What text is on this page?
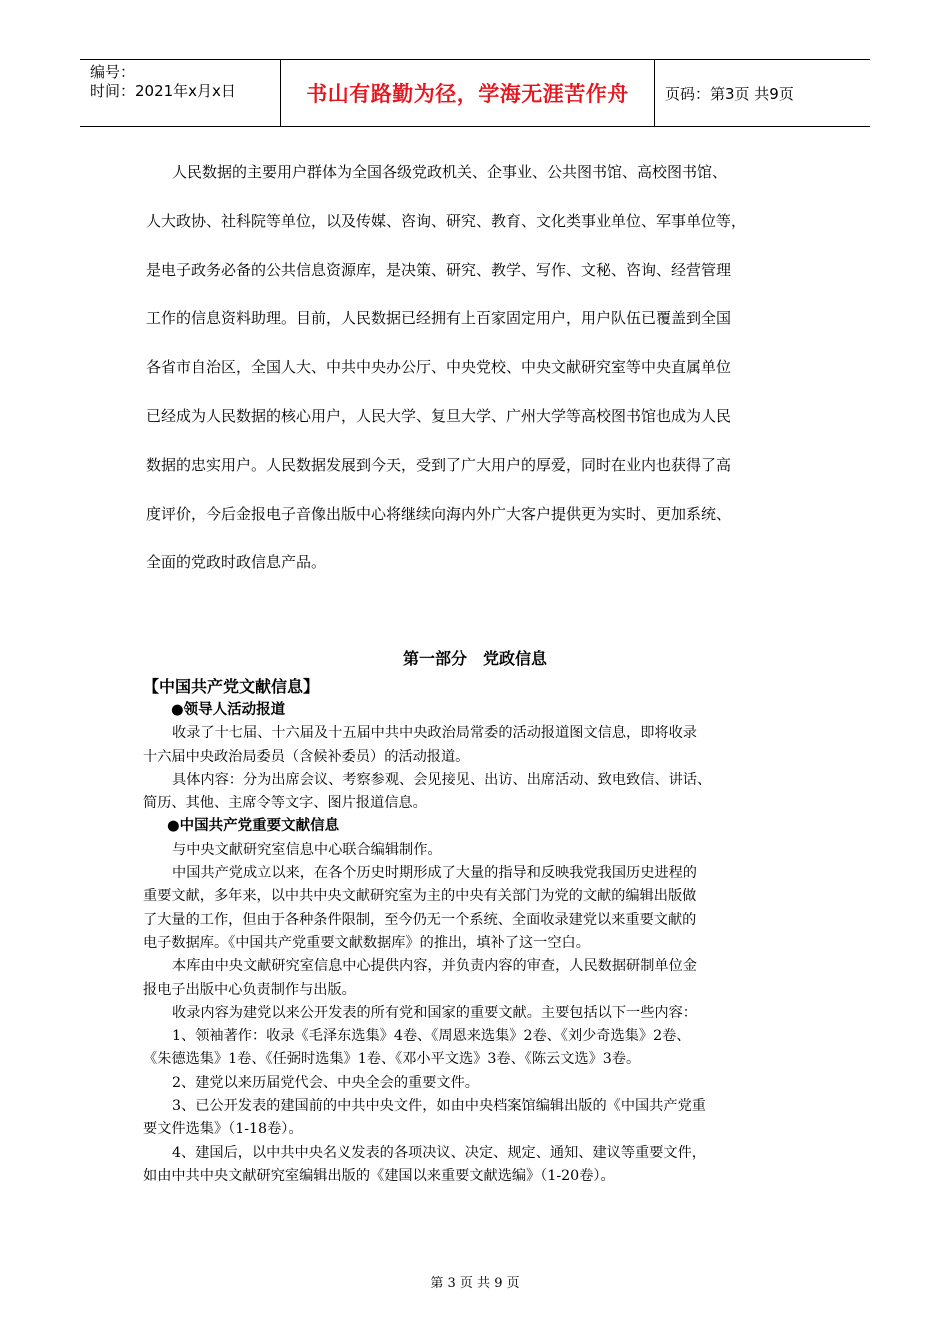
编号：
时间：2021年x月x日	书山有路勤为径，学海无涯苦作舟	页码：第3页 共9页

人民数据的主要用户群体为全国各级党政机关、企事业、公共图书馆、高校图书馆、

人大政协、社科院等单位，以及传媒、咨询、研究、教育、文化类事业单位、军事单位等，

是电子政务必备的公共信息资源库，是决策、研究、教学、写作、文秘、咨询、经营管理

工作的信息资料助理。目前，人民数据已经拥有上百家固定用户，用户队伍已覆盖到全国

各省市自治区，全国人大、中共中央办公厅、中央党校、中央文献研究室等中央直属单位

已经成为人民数据的核心用户，人民大学、复旦大学、广州大学等高校图书馆也成为人民

数据的忠实用户。人民数据发展到今天，受到了广大用户的厚爱，同时在业内也获得了高

度评价，今后金报电子音像出版中心将继续向海内外广大客户提供更为实时、更加系统、

全面的党政时政信息产品。

第一部分　党政信息
【中国共产党文献信息】

●领导人活动报道

收录了十七届、十六届及十五届中共中央政治局常委的活动报道图文信息，即将收录

十六届中央政治局委员（含候补委员）的活动报道。

具体内容：分为出席会议、考察参观、会见接见、出访、出席活动、致电致信、讲话、

简历、其他、主席令等文字、图片报道信息。

●中国共产党重要文献信息

与中央文献研究室信息中心联合编辑制作。

中国共产党成立以来，在各个历史时期形成了大量的指导和反映我党我国历史进程的

重要文献，多年来，以中共中央文献研究室为主的中央有关部门为党的文献的编辑出版做

了大量的工作，但由于各种条件限制，至今仍无一个系统、全面收录建党以来重要文献的

电子数据库。《中国共产党重要文献数据库》的推出，填补了这一空白。

本库由中央文献研究室信息中心提供内容，并负责内容的审查，人民数据研制单位金

报电子出版中心负责制作与出版。

收录内容为建党以来公开发表的所有党和国家的重要文献。主要包括以下一些内容：

1、领袖著作：收录《毛泽东选集》4卷、《周恩来选集》2卷、《刘少奇选集》2卷、

《朱德选集》1卷、《任弼时选集》1卷、《邓小平文选》3卷、《陈云文选》3卷。

2、建党以来历届党代会、中央全会的重要文件。

3、已公开发表的建国前的中共中央文件，如由中央档案馆编辑出版的《中国共产党重

要文件选集》（1-18卷）。

4、建国后，以中共中央名义发表的各项决议、决定、规定、通知、建议等重要文件，

如由中共中央文献研究室编辑出版的《建国以来重要文献选编》（1-20卷）。

第 3 页 共 9 页
